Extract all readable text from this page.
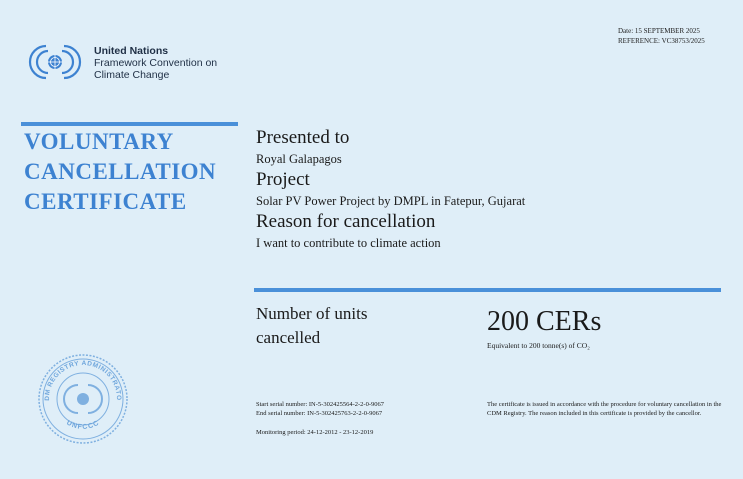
Date: 15 SEPTEMBER 2025
REFERENCE: VC38753/2025
United Nations
Framework Convention on
Climate Change
VOLUNTARY
CANCELLATION
CERTIFICATE
Presented to
Royal Galapagos
Project
Solar PV Power Project by DMPL in Fatepur, Gujarat
Reason for cancellation
I want to contribute to climate action
Number of units
cancelled
200 CERs
Equivalent to 200 tonne(s) of CO₂
DM REGISTRY ADMINISTRATO
UNFCCC
Start serial number: IN-5-302425564-2-2-0-9067
End serial number: IN-5-302425763-2-2-0-9067
Monitoring period: 24-12-2012 - 23-12-2019
The certificate is issued in accordance with the procedure for voluntary cancellation in the CDM Registry. The reason included in this certificate is provided by the cancellor.
